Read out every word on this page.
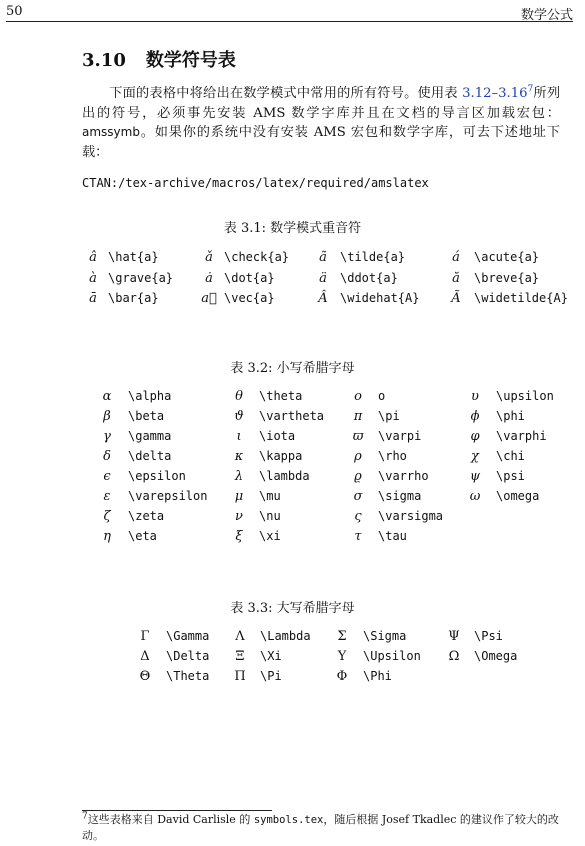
50	数学公式
3.10 数学符号表
下面的表格中将给出在数学模式中常用的所有符号。使用表 3.12–3.16$^7$所列出的符号，必须事先安装 AMS 数学字库并且在文档的导言区加载宏包：amssymb。如果你的系统中没有安装 AMS 宏包和数学字库，可去下述地址下载：
CTAN:/tex-archive/macros/latex/required/amslatex
表 3.1: 数学模式重音符
â \hat{a}	ǎ \check{a}	ã	\tilde{a}	á	\acute{a}
à \grave{a}	ȧ \dot{a}	ä	\ddot{a}	ă	\breve{a}
ā \bar{a}	a⃗ \vec{a}	Â	\widehat{A}	Ã	\widetilde{A}
表 3.2: 小写希腊字母
α	\alpha	θ	\theta	o	o	υ	\upsilon
β	\beta	ϑ	\vartheta	π	\pi	ϕ	\phi
γ	\gamma	ι	\iota	ϖ	\varpi	φ	\varphi
δ	\delta	κ	\kappa	ρ	\rho	χ	\chi
ϵ	\epsilon	λ	\lambda	ϱ	\varrho	ψ	\psi
ε	\varepsilon	μ	\mu	σ	\sigma	ω	\omega
ζ	\zeta	ν	\nu	ς	\varsigma
η	\eta	ξ	\xi	τ	\tau
表 3.3: 大写希腊字母
Γ	\Gamma	Λ	\Lambda	Σ	\Sigma	Ψ \Psi
Δ	\Delta	Ξ	\Xi	Υ	\Upsilon Ω	\Omega
Θ	\Theta Π \Pi	Φ	\Phi
$^7$这些表格来自 David Carlisle 的 symbols.tex，随后根据 Josef Tkadlec 的建议作了较大的改动。
